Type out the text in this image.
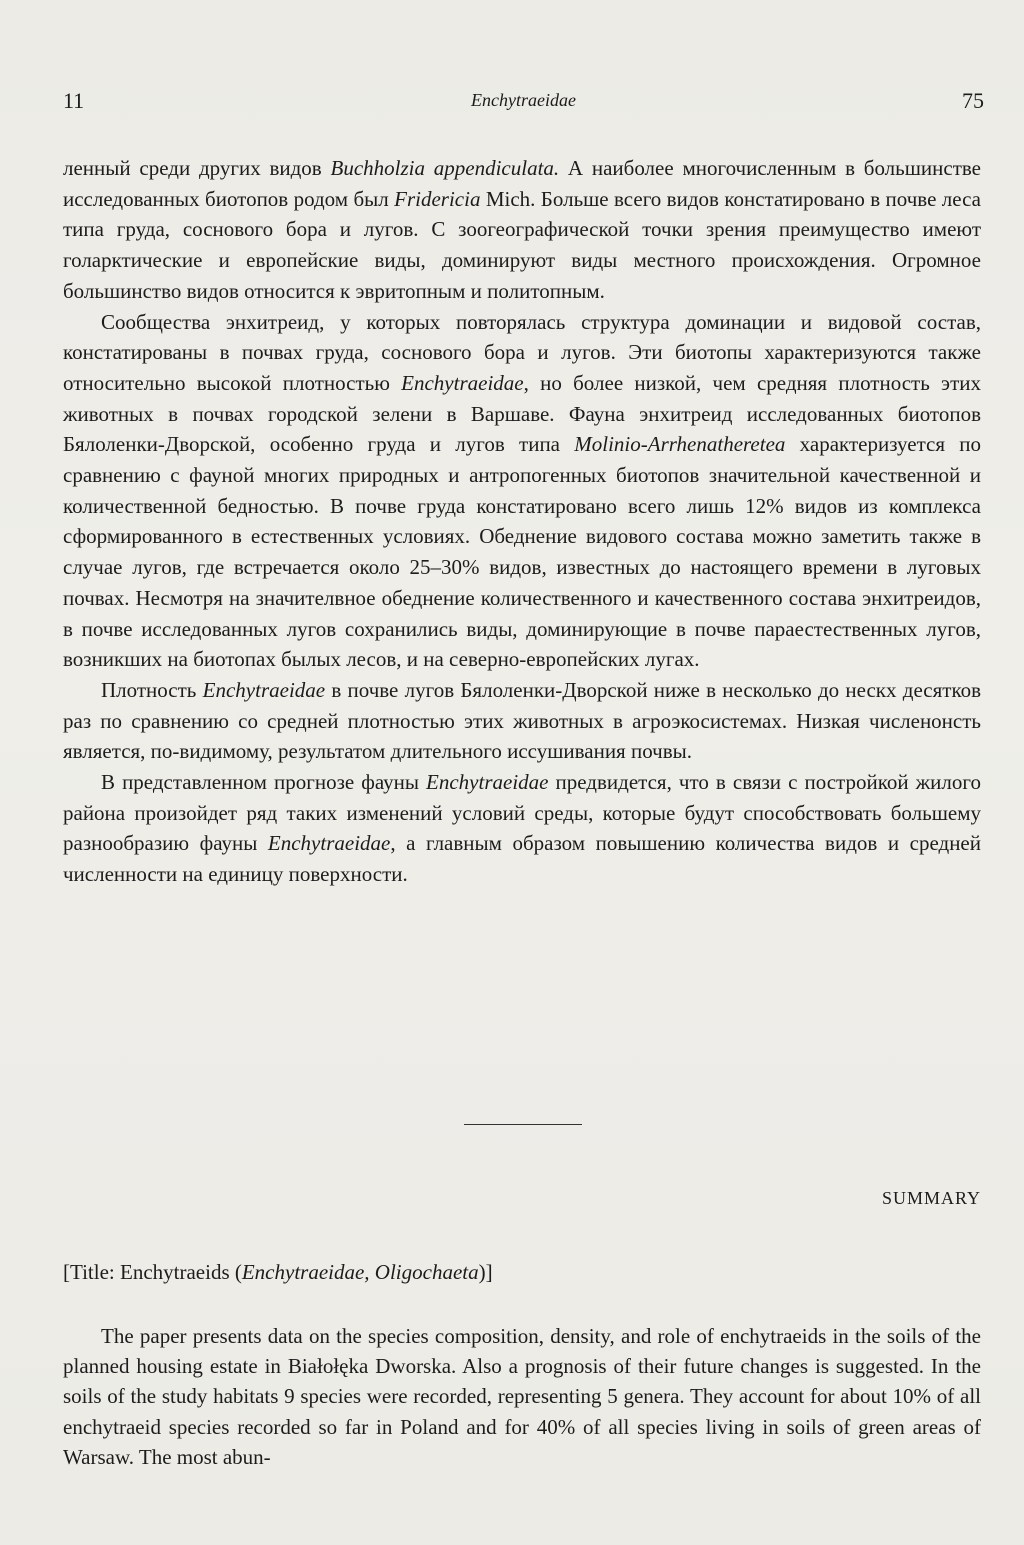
11	Enchytraeidae	75

ленный среди других видов Buchholzia appendiculata. А наиболее многочисленным в большинстве исследованных биотопов родом был Fridericia Mich. Больше всего видов констатировано в почве леса типа груда, соснового бора и лугов. С зоогеографической точки зрения преимущество имеют голарктические и европейские виды, доминируют виды местного происхождения. Огромное большинство видов относится к эвритопным и политопным.

Сообщества энхитреид, у которых повторялась структура доминации и видовой состав, констатированы в почвах груда, соснового бора и лугов. Эти биотопы характеризуются также относительно высокой плотностью Enchytraeidae, но более низкой, чем средняя плотность этих животных в почвах городской зелени в Варшаве. Фауна энхитреид исследованных биотопов Бялоленки-Дворской, особенно груда и лугов типа Molinio-Arrhenatheretea характеризуется по сравнению с фауной многих природных и антропогенных биотопов значительной качественной и количественной бедностью. В почве груда констатировано всего лишь 12% видов из комплекса сформированного в естественных условиях. Обеднение видового состава можно заметить также в случае лугов, где встречается около 25–30% видов, известных до настоящего времени в луговых почвах. Несмотря на значителвное обеднение количественного и качественного состава энхитреидов, в почве исследованных лугов сохранились виды, доминирующие в почве параестественных лугов, возникших на биотопах былых лесов, и на северно-европейских лугах.

Плотность Enchytraeidae в почве лугов Бялоленки-Дворской ниже в несколько до нескх десятков раз по сравнению со средней плотностью этих животных в агроэкосистемах. Низкая численонсть является, по-видимому, результатом длительного иссушивания почвы.

В представленном прогнозе фауны Enchytraeidae предвидется, что в связи с постройкой жилого района произойдет ряд таких изменений условий среды, которые будут способствовать большему разнообразию фауны Enchytraeidae, а главным образом повышению количества видов и средней численности на единицу поверхности.

SUMMARY
[Title: Enchytraeids (Enchytraeidae, Oligochaeta)]

The paper presents data on the species composition, density, and role of enchytraeids in the soils of the planned housing estate in Białołęka Dworska. Also a prognosis of their future changes is suggested. In the soils of the study habitats 9 species were recorded, representing 5 genera. They account for about 10% of all enchytraeid species recorded so far in Poland and for 40% of all species living in soils of green areas of Warsaw. The most abun-
